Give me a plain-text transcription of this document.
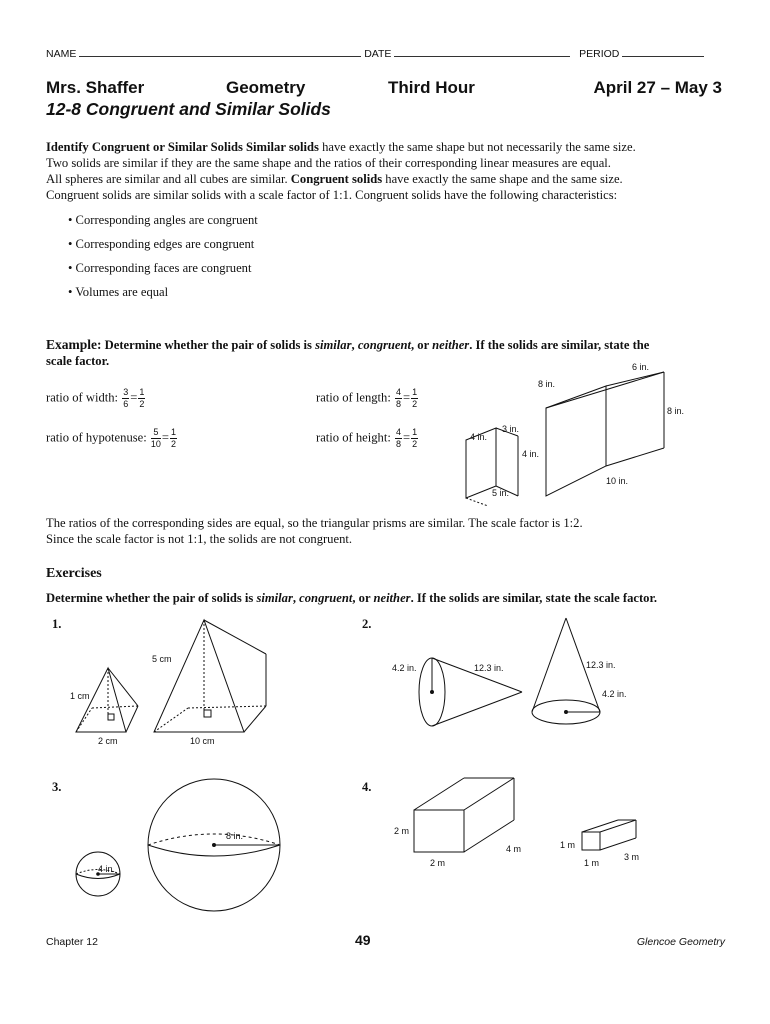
NAME	DATE	PERIOD
Mrs. Shaffer	Geometry	Third Hour	April 27 – May 3
12-8 Congruent and Similar Solids
Identify Congruent or Similar Solids Similar solids have exactly the same shape but not necessarily the same size.
Two solids are similar if they are the same shape and the ratios of their corresponding linear measures are equal.
All spheres are similar and all cubes are similar. Congruent solids have exactly the same shape and the same size.
Congruent solids are similar solids with a scale factor of 1:1. Congruent solids have the following characteristics:
• Corresponding angles are congruent
• Corresponding edges are congruent
• Corresponding faces are congruent
• Volumes are equal
Example: Determine whether the pair of solids is similar, congruent, or neither. If the solids are similar, state the
scale factor.
ratio of width: $\frac{3}{6} = \frac{1}{2}$	ratio of length: $\frac{4}{8} = \frac{1}{2}$
ratio of hypotenuse: $\frac{5}{10} = \frac{1}{2}$	ratio of height: $\frac{4}{8} = \frac{1}{2}$	3 in.
4 in.
4 in.
5 in.
6 in.
8 in.
8 in.
10 in.
The ratios of the corresponding sides are equal, so the triangular prisms are similar. The scale factor is 1:2.
Since the scale factor is not 1:1, the solids are not congruent.
Exercises
Determine whether the pair of solids is similar, congruent, or neither. If the solids are similar, state the scale factor.
1.	2.
3.	4.
5 cm
1 cm
2 cm	10 cm
4.2 in.	12.3 in.	12.3 in.
4.2 in.
8 in.
4 in.
2 m
2 m
4 m	1 m
1 m
3 m
Chapter 12	49	Glencoe Geometry
